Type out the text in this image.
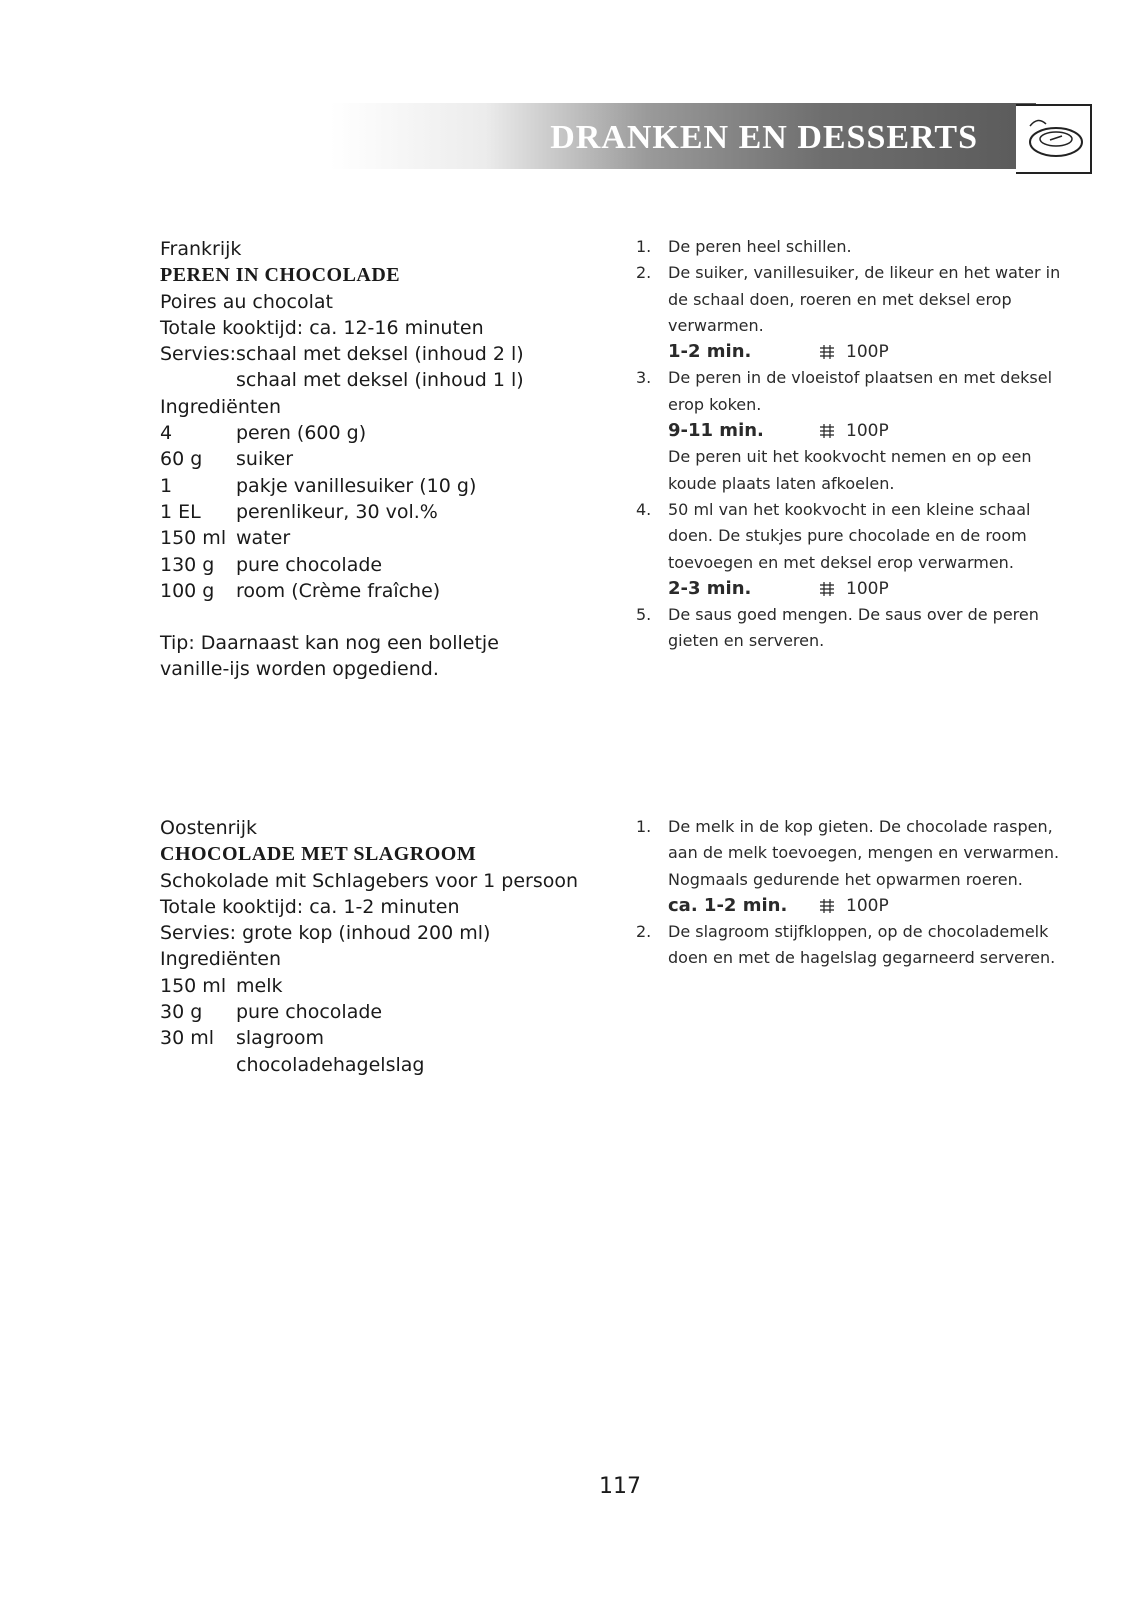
DRANKEN EN DESSERTS
Frankrijk
PEREN IN CHOCOLADE
Poires au chocolat
Totale kooktijd: ca. 12-16 minuten
Servies: schaal met deksel (inhoud 2 l)
schaal met deksel (inhoud 1 l)
Ingrediënten
4	peren (600 g)
60 g	suiker
1	pakje vanillesuiker (10 g)
1 EL	perenlikeur, 30 vol.%
150 ml water
130 g	pure chocolade
100 g	room (Crème fraîche)
Tip: Daarnaast kan nog een bolletje vanille-ijs worden opgediend.
1.	De peren heel schillen.
2.	De suiker, vanillesuiker, de likeur en het water in de schaal doen, roeren en met deksel erop verwarmen.
1-2 min.	100P
3.	De peren in de vloeistof plaatsen en met deksel erop koken.
9-11 min.	100P
De peren uit het kookvocht nemen en op een koude plaats laten afkoelen.
4.	50 ml van het kookvocht in een kleine schaal doen. De stukjes pure chocolade en de room toevoegen en met deksel erop verwarmen.
2-3 min.	100P
5.	De saus goed mengen. De saus over de peren gieten en serveren.
Oostenrijk
CHOCOLADE MET SLAGROOM
Schokolade mit Schlagebers voor 1 persoon
Totale kooktijd: ca. 1-2 minuten
Servies: grote kop (inhoud 200 ml)
Ingrediënten
150 ml melk
30 g	pure chocolade
30 ml	slagroom
chocoladehagelslag
1.	De melk in de kop gieten. De chocolade raspen, aan de melk toevoegen, mengen en verwarmen. Nogmaals gedurende het opwarmen roeren.
ca. 1-2 min.	100P
2.	De slagroom stijfkloppen, op de chocolademelk doen en met de hagelslag gegarneerd serveren.
117
